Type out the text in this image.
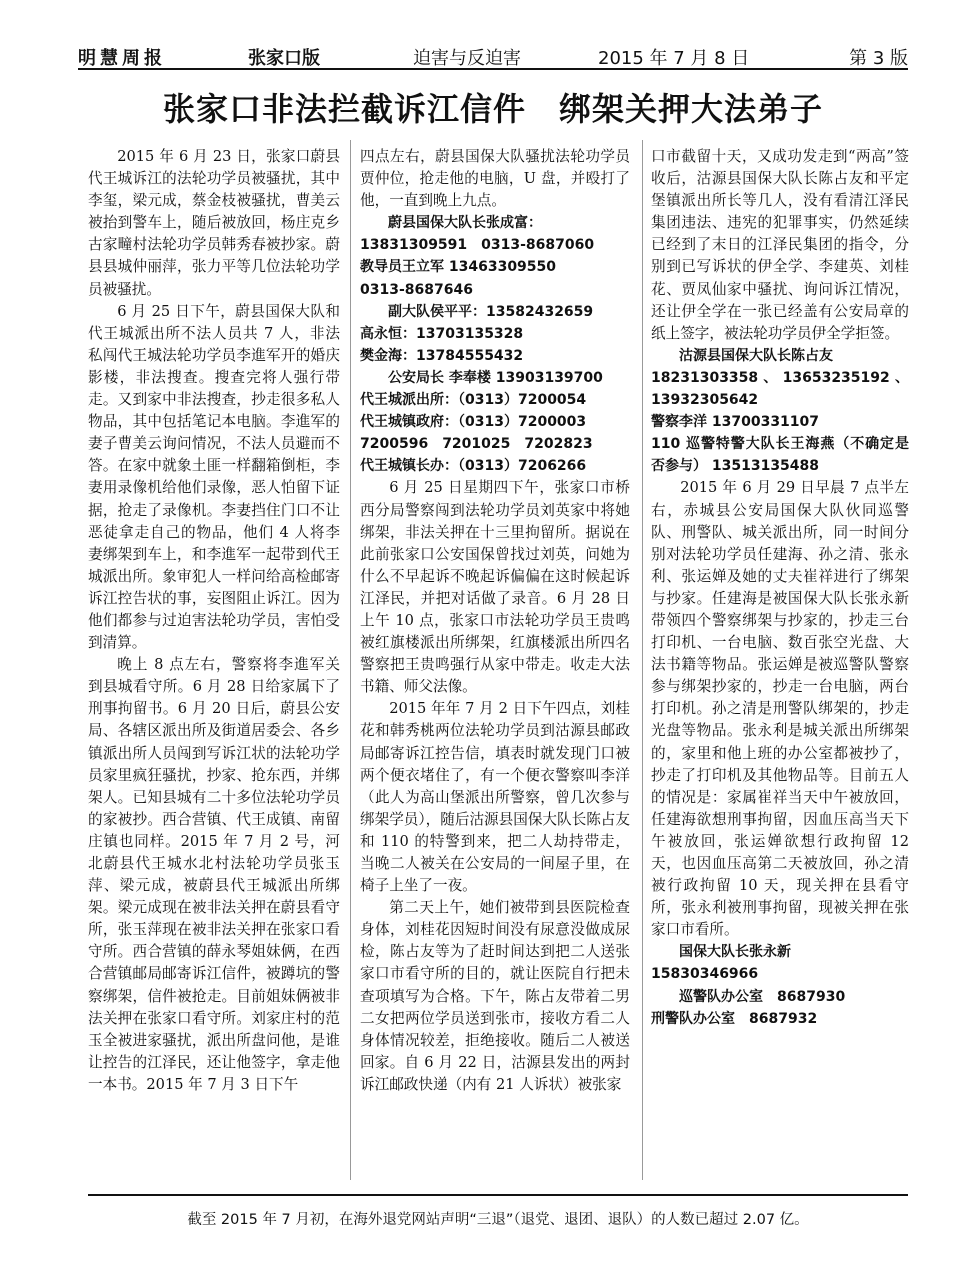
明慧周报	张家口版	迫害与反迫害	2015 年 7 月 8 日	第 3 版
张家口非法拦截诉江信件　绑架关押大法弟子

2015 年 6 月 23 日，张家口蔚县代王城诉江的法轮功学员被骚扰，其中李玺，梁元成，蔡金枝被骚扰，曹美云被抬到警车上，随后被放回，杨庄克乡古家疃村法轮功学员韩秀春被抄家。蔚县县城仲丽萍，张力平等几位法轮功学员被骚扰。

6 月 25 日下午，蔚县国保大队和代王城派出所不法人员共 7 人，非法私闯代王城法轮功学员李進军开的婚庆影楼，非法搜查。搜查完将人强行带走。又到家中非法搜查，抄走很多私人物品，其中包括笔记本电脑。李進军的妻子曹美云询问情况，不法人员避而不答。在家中就象土匪一样翻箱倒柜，李妻用录像机给他们录像，恶人怕留下证据，抢走了录像机。李妻挡住门口不让恶徒拿走自己的物品，他们 4 人将李妻绑架到车上，和李進军一起带到代王城派出所。象审犯人一样问给高检邮寄诉江控告状的事，妄图阻止诉江。因为他们都参与过迫害法轮功学员，害怕受到清算。

晚上 8 点左右，警察将李進军关到县城看守所。6 月 28 日给家属下了刑事拘留书。6 月 20 日后，蔚县公安局、各辖区派出所及街道居委会、各乡镇派出所人员闯到写诉江状的法轮功学员家里疯狂骚扰，抄家、抢东西，并绑架人。已知县城有二十多位法轮功学员的家被抄。西合营镇、代王成镇、南留庄镇也同样。2015 年 7 月 2 号，河北蔚县代王城水北村法轮功学员张玉萍、梁元成，被蔚县代王城派出所绑架。梁元成现在被非法关押在蔚县看守所，张玉萍现在被非法关押在张家口看守所。西合营镇的薛永琴姐妹俩，在西合营镇邮局邮寄诉江信件，被蹲坑的警察绑架，信件被抢走。目前姐妹俩被非法关押在张家口看守所。刘家庄村的范玉全被进家骚扰，派出所盘问他，是谁让控告的江泽民，还让他签字，拿走他一本书。2015 年 7 月 3 日下午

四点左右，蔚县国保大队骚扰法轮功学员贾仲位，抢走他的电脑，U 盘，并殴打了他，一直到晚上九点。

蔚县国保大队长张成富：

13831309591　0313-8687060

教导员王立军 13463309550

0313-8687646

副大队侯平平：13582432659

高永恒：13703135328

樊金海：13784555432

公安局长 李奉楼 13903139700

代王城派出所：（0313）7200054

代王城镇政府：（0313）7200003

7200596　7201025　7202823

代王城镇长办：（0313）7206266

6 月 25 日星期四下午，张家口市桥西分局警察闯到法轮功学员刘英家中将她绑架，非法关押在十三里拘留所。据说在此前张家口公安国保曾找过刘英，问她为什么不早起诉不晚起诉偏偏在这时候起诉江泽民，并把对话做了录音。6 月 28 日上午 10 点，张家口市法轮功学员王贵鸣被红旗楼派出所绑架，红旗楼派出所四名警察把王贵鸣强行从家中带走。收走大法书籍、师父法像。

2015 年年 7 月 2 日下午四点，刘桂花和韩秀桃两位法轮功学员到沽源县邮政局邮寄诉江控告信，填表时就发现门口被两个便衣堵住了，有一个便衣警察叫李洋（此人为高山堡派出所警察，曾几次参与绑架学员），随后沽源县国保大队长陈占友和 110 的特警到来，把二人劫持带走，当晚二人被关在公安局的一间屋子里，在椅子上坐了一夜。

第二天上午，她们被带到县医院检查身体，刘桂花因短时间没有尿意没做成尿检，陈占友等为了赶时间达到把二人送张家口市看守所的目的，就让医院自行把未查项填写为合格。下午，陈占友带着二男二女把两位学员送到张市，接收方看二人身体情况较差，拒绝接收。随后二人被送回家。自 6 月 22 日，沽源县发出的两封诉江邮政快递（内有 21 人诉状）被张家

口市截留十天，又成功发走到“两高”签收后，沽源县国保大队长陈占友和平定堡镇派出所长等几人，没有看清江泽民集团违法、违宪的犯罪事实，仍然延续已经到了末日的江泽民集团的指令，分别到已写诉状的伊全学、李建英、刘桂花、贾凤仙家中骚扰、询问诉江情况，还让伊全学在一张已经盖有公安局章的纸上签字，被法轮功学员伊全学拒签。

沽源县国保大队长陈占友

18231303358、13653235192、13932305642

警察李洋 13700331107

110 巡警特警大队长王海燕（不确定是否参与） 13513135488

2015 年 6 月 29 日早晨 7 点半左右，赤城县公安局国保大队伙同巡警队、刑警队、城关派出所，同一时间分别对法轮功学员任建海、孙之清、张永利、张运婵及她的丈夫崔祥进行了绑架与抄家。任建海是被国保大队长张永新带领四个警察绑架与抄家的，抄走三台打印机、一台电脑、数百张空光盘、大法书籍等物品。张运婵是被巡警队警察参与绑架抄家的，抄走一台电脑，两台打印机。孙之清是刑警队绑架的，抄走光盘等物品。张永利是城关派出所绑架的，家里和他上班的办公室都被抄了，抄走了打印机及其他物品等。目前五人的情况是：家属崔祥当天中午被放回，任建海欲想刑事拘留，因血压高当天下午被放回，张运婵欲想行政拘留 12 天，也因血压高第二天被放回，孙之清被行政拘留 10 天，现关押在县看守所，张永利被刑事拘留，现被关押在张家口市看所。

国保大队长张永新

15830346966

巡警队办公室　8687930

刑警队办公室　8687932

截至 2015 年 7 月初，在海外退党网站声明“三退”（退党、退团、退队）的人数已超过 2.07 亿。
